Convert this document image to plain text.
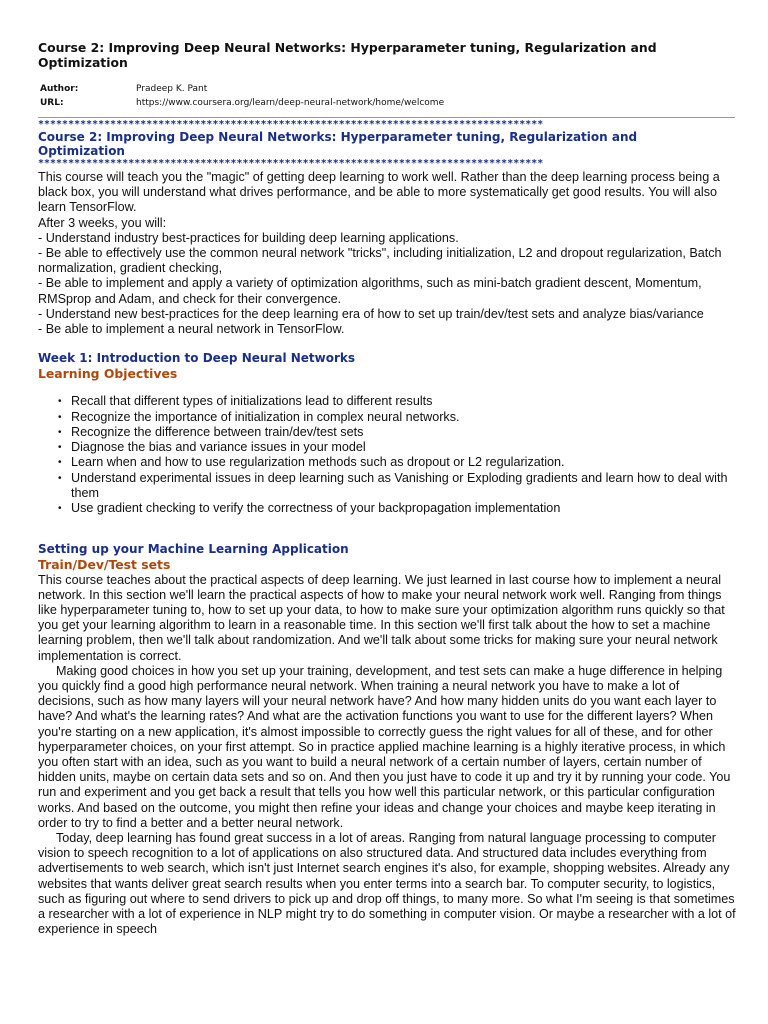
Course 2: Improving Deep Neural Networks: Hyperparameter tuning, Regularization and Optimization
Author:	Pradeep K. Pant
URL:	https://www.coursera.org/learn/deep-neural-network/home/welcome
************************************************************************************
Course 2: Improving Deep Neural Networks: Hyperparameter tuning, Regularization and Optimization
************************************************************************************

This course will teach you the "magic" of getting deep learning to work well. Rather than the deep learning process being a black box, you will understand what drives performance, and be able to more systematically get good results. You will also learn TensorFlow.

After 3 weeks, you will:

- Understand industry best-practices for building deep learning applications.

- Be able to effectively use the common neural network "tricks", including initialization, L2 and dropout regularization, Batch normalization, gradient checking,

- Be able to implement and apply a variety of optimization algorithms, such as mini-batch gradient descent, Momentum, RMSprop and Adam, and check for their convergence.

- Understand new best-practices for the deep learning era of how to set up train/dev/test sets and analyze bias/variance

- Be able to implement a neural network in TensorFlow.

Week 1: Introduction to Deep Neural Networks
Learning Objectives
• Recall that different types of initializations lead to different results
• Recognize the importance of initialization in complex neural networks.
• Recognize the difference between train/dev/test sets
• Diagnose the bias and variance issues in your model
• Learn when and how to use regularization methods such as dropout or L2 regularization.
• Understand experimental issues in deep learning such as Vanishing or Exploding gradients and learn how to deal with them
• Use gradient checking to verify the correctness of your backpropagation implementation
Setting up your Machine Learning Application
Train/Dev/Test sets

This course teaches about the practical aspects of deep learning. We just learned in last course how to implement a neural network. In this section we'll learn the practical aspects of how to make your neural network work well. Ranging from things like hyperparameter tuning to, how to set up your data, to how to make sure your optimization algorithm runs quickly so that you get your learning algorithm to learn in a reasonable time. In this section we'll first talk about the how to set a machine learning problem, then we'll talk about randomization. And we'll talk about some tricks for making sure your neural network implementation is correct.

Making good choices in how you set up your training, development, and test sets can make a huge difference in helping you quickly find a good high performance neural network. When training a neural network you have to make a lot of decisions, such as how many layers will your neural network have? And how many hidden units do you want each layer to have? And what's the learning rates? And what are the activation functions you want to use for the different layers? When you're starting on a new application, it's almost impossible to correctly guess the right values for all of these, and for other hyperparameter choices, on your first attempt. So in practice applied machine learning is a highly iterative process, in which you often start with an idea, such as you want to build a neural network of a certain number of layers, certain number of hidden units, maybe on certain data sets and so on. And then you just have to code it up and try it by running your code. You run and experiment and you get back a result that tells you how well this particular network, or this particular configuration works. And based on the outcome, you might then refine your ideas and change your choices and maybe keep iterating in order to try to find a better and a better neural network.

Today, deep learning has found great success in a lot of areas. Ranging from natural language processing to computer vision to speech recognition to a lot of applications on also structured data. And structured data includes everything from advertisements to web search, which isn't just Internet search engines it's also, for example, shopping websites. Already any websites that wants deliver great search results when you enter terms into a search bar. To computer security, to logistics, such as figuring out where to send drivers to pick up and drop off things, to many more. So what I'm seeing is that sometimes a researcher with a lot of experience in NLP might try to do something in computer vision. Or maybe a researcher with a lot of experience in speech
